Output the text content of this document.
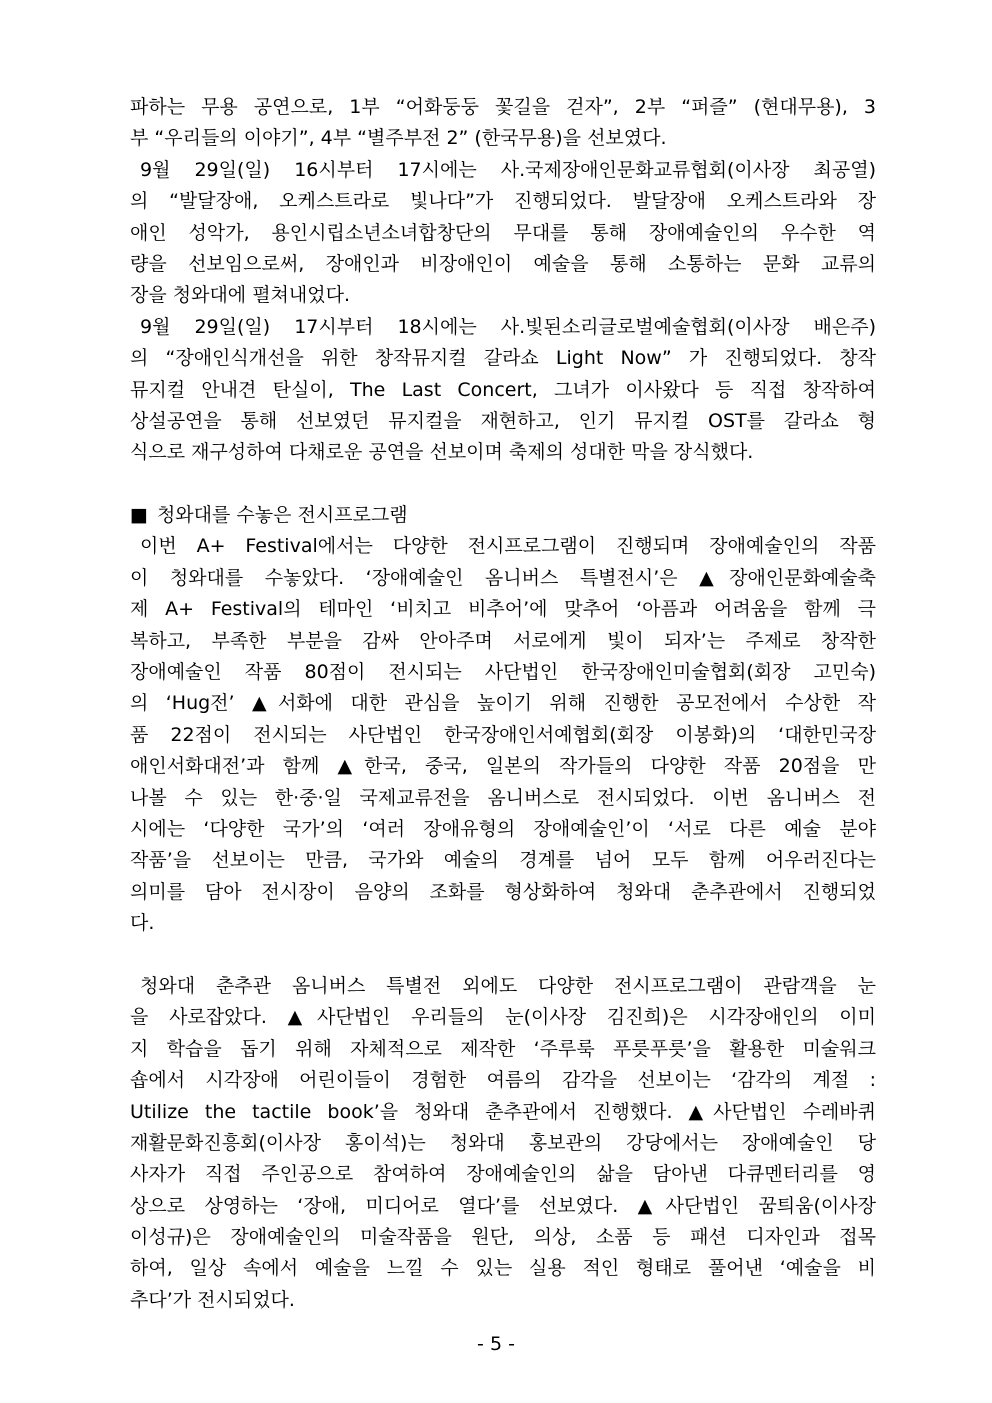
파하는 무용 공연으로, 1부 “어화둥둥 꽃길을 걷자”, 2부 “퍼즐” (현대무용), 3
부 “우리들의 이야기”, 4부 “별주부전 2” (한국무용)을 선보였다.
9월 29일(일) 16시부터 17시에는 사.국제장애인문화교류협회(이사장 최공열)
의 “발달장애, 오케스트라로 빛나다”가 진행되었다. 발달장애 오케스트라와 장
애인 성악가, 용인시립소년소녀합창단의 무대를 통해 장애예술인의 우수한 역
량을 선보임으로써, 장애인과 비장애인이 예술을 통해 소통하는 문화 교류의
장을 청와대에 펼쳐내었다.
9월 29일(일) 17시부터 18시에는 사.빛된소리글로벌예술협회(이사장 배은주)
의 “장애인식개선을 위한 창작뮤지컬 갈라쇼 Light Now” 가 진행되었다. 창작
뮤지컬 안내견 탄실이, The Last Concert, 그녀가 이사왔다 등 직접 창작하여
상설공연을 통해 선보였던 뮤지컬을 재현하고, 인기 뮤지컬 OST를 갈라쇼 형
식으로 재구성하여 다채로운 공연을 선보이며 축제의 성대한 막을 장식했다.
■ 청와대를 수놓은 전시프로그램
이번 A+ Festival에서는 다양한 전시프로그램이 진행되며 장애예술인의 작품
이 청와대를 수놓았다. ‘장애예술인 옴니버스 특별전시’은 ▲장애인문화예술축
제 A+ Festival의 테마인 ‘비치고 비추어’에 맞추어 ‘아픔과 어려움을 함께 극
복하고, 부족한 부분을 감싸 안아주며 서로에게 빛이 되자’는 주제로 창작한
장애예술인 작품 80점이 전시되는 사단법인 한국장애인미술협회(회장 고민숙)
의 ‘Hug전’ ▲서화에 대한 관심을 높이기 위해 진행한 공모전에서 수상한 작
품 22점이 전시되는 사단법인 한국장애인서예협회(회장 이봉화)의 ‘대한민국장
애인서화대전’과 함께 ▲한국, 중국, 일본의 작가들의 다양한 작품 20점을 만
나볼 수 있는 한·중·일 국제교류전을 옴니버스로 전시되었다. 이번 옴니버스 전
시에는 ‘다양한 국가’의 ‘여러 장애유형의 장애예술인’이 ‘서로 다른 예술 분야
작품’을 선보이는 만큼, 국가와 예술의 경계를 넘어 모두 함께 어우러진다는
의미를 담아 전시장이 음양의 조화를 형상화하여 청와대 춘추관에서 진행되었
다.
청와대 춘추관 옴니버스 특별전 외에도 다양한 전시프로그램이 관람객을 눈
을 사로잡았다. ▲사단법인 우리들의 눈(이사장 김진희)은 시각장애인의 이미
지 학습을 돕기 위해 자체적으로 제작한 ‘주루룩 푸릇푸릇’을 활용한 미술워크
숍에서 시각장애 어린이들이 경험한 여름의 감각을 선보이는 ‘감각의 계절 :
Utilize the tactile book’을 청와대 춘추관에서 진행했다. ▲사단법인 수레바퀴
재활문화진흥회(이사장 홍이석)는 청와대 홍보관의 강당에서는 장애예술인 당
사자가 직접 주인공으로 참여하여 장애예술인의 삶을 담아낸 다큐멘터리를 영
상으로 상영하는 ‘장애, 미디어로 열다’를 선보였다. ▲사단법인 꿈틔움(이사장
이성규)은 장애예술인의 미술작품을 원단, 의상, 소품 등 패션 디자인과 접목
하여, 일상 속에서 예술을 느낄 수 있는 실용 적인 형태로 풀어낸 ‘예술을 비
추다’가 전시되었다.
- 5 -
